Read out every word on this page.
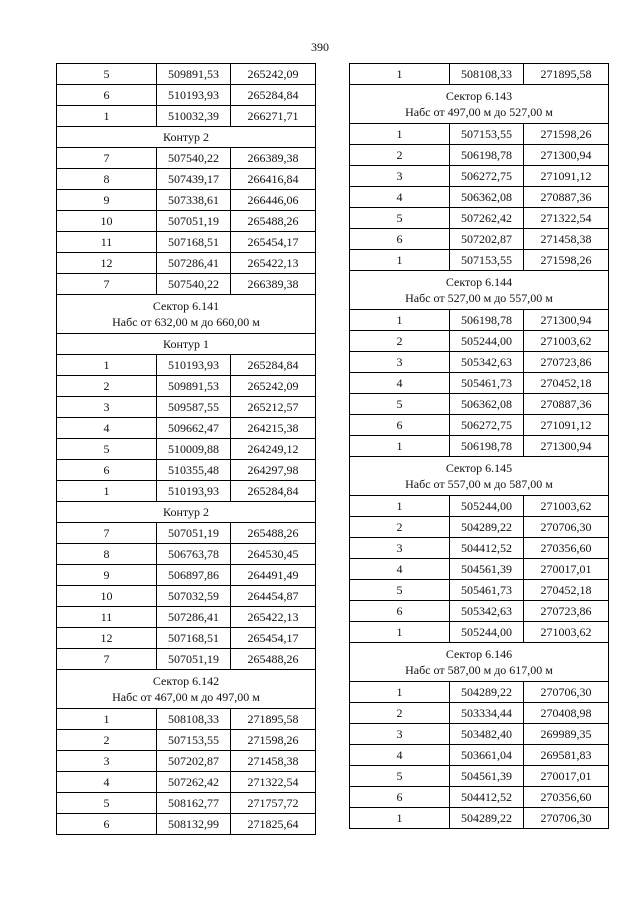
390
5	509891,53	265242,09
6	510193,93	265284,84
1	510032,39	266271,71
Контур 2		
7	507540,22	266389,38
8	507439,17	266416,84
9	507338,61	266446,06
10	507051,19	265488,26
11	507168,51	265454,17
12	507286,41	265422,13
7	507540,22	266389,38

Сектор 6.141
Набс от 632,00 м до 660,00 м		

Контур 1		
1	510193,93	265284,84
2	509891,53	265242,09
3	509587,55	265212,57
4	509662,47	264215,38
5	510009,88	264249,12
6	510355,48	264297,98
1	510193,93	265284,84
Контур 2		
7	507051,19	265488,26
8	506763,78	264530,45
9	506897,86	264491,49
10	507032,59	264454,87
11	507286,41	265422,13
12	507168,51	265454,17
7	507051,19	265488,26

Сектор 6.142
Набс от 467,00 м до 497,00 м		

1	508108,33	271895,58
2	507153,55	271598,26
3	507202,87	271458,38
4	507262,42	271322,54
5	508162,77	271757,72
6	508132,99	271825,64
1	508108,33	271895,58

Сектор 6.143
Набс от 497,00 м до 527,00 м		

1	507153,55	271598,26
2	506198,78	271300,94
3	506272,75	271091,12
4	506362,08	270887,36
5	507262,42	271322,54
6	507202,87	271458,38
1	507153,55	271598,26

Сектор 6.144
Набс от 527,00 м до 557,00 м		

1	506198,78	271300,94
2	505244,00	271003,62
3	505342,63	270723,86
4	505461,73	270452,18
5	506362,08	270887,36
6	506272,75	271091,12
1	506198,78	271300,94

Сектор 6.145
Набс от 557,00 м до 587,00 м		

1	505244,00	271003,62
2	504289,22	270706,30
3	504412,52	270356,60
4	504561,39	270017,01
5	505461,73	270452,18
6	505342,63	270723,86
1	505244,00	271003,62

Сектор 6.146
Набс от 587,00 м до 617,00 м		

1	504289,22	270706,30
2	503334,44	270408,98
3	503482,40	269989,35
4	503661,04	269581,83
5	504561,39	270017,01
6	504412,52	270356,60
1	504289,22	270706,30
